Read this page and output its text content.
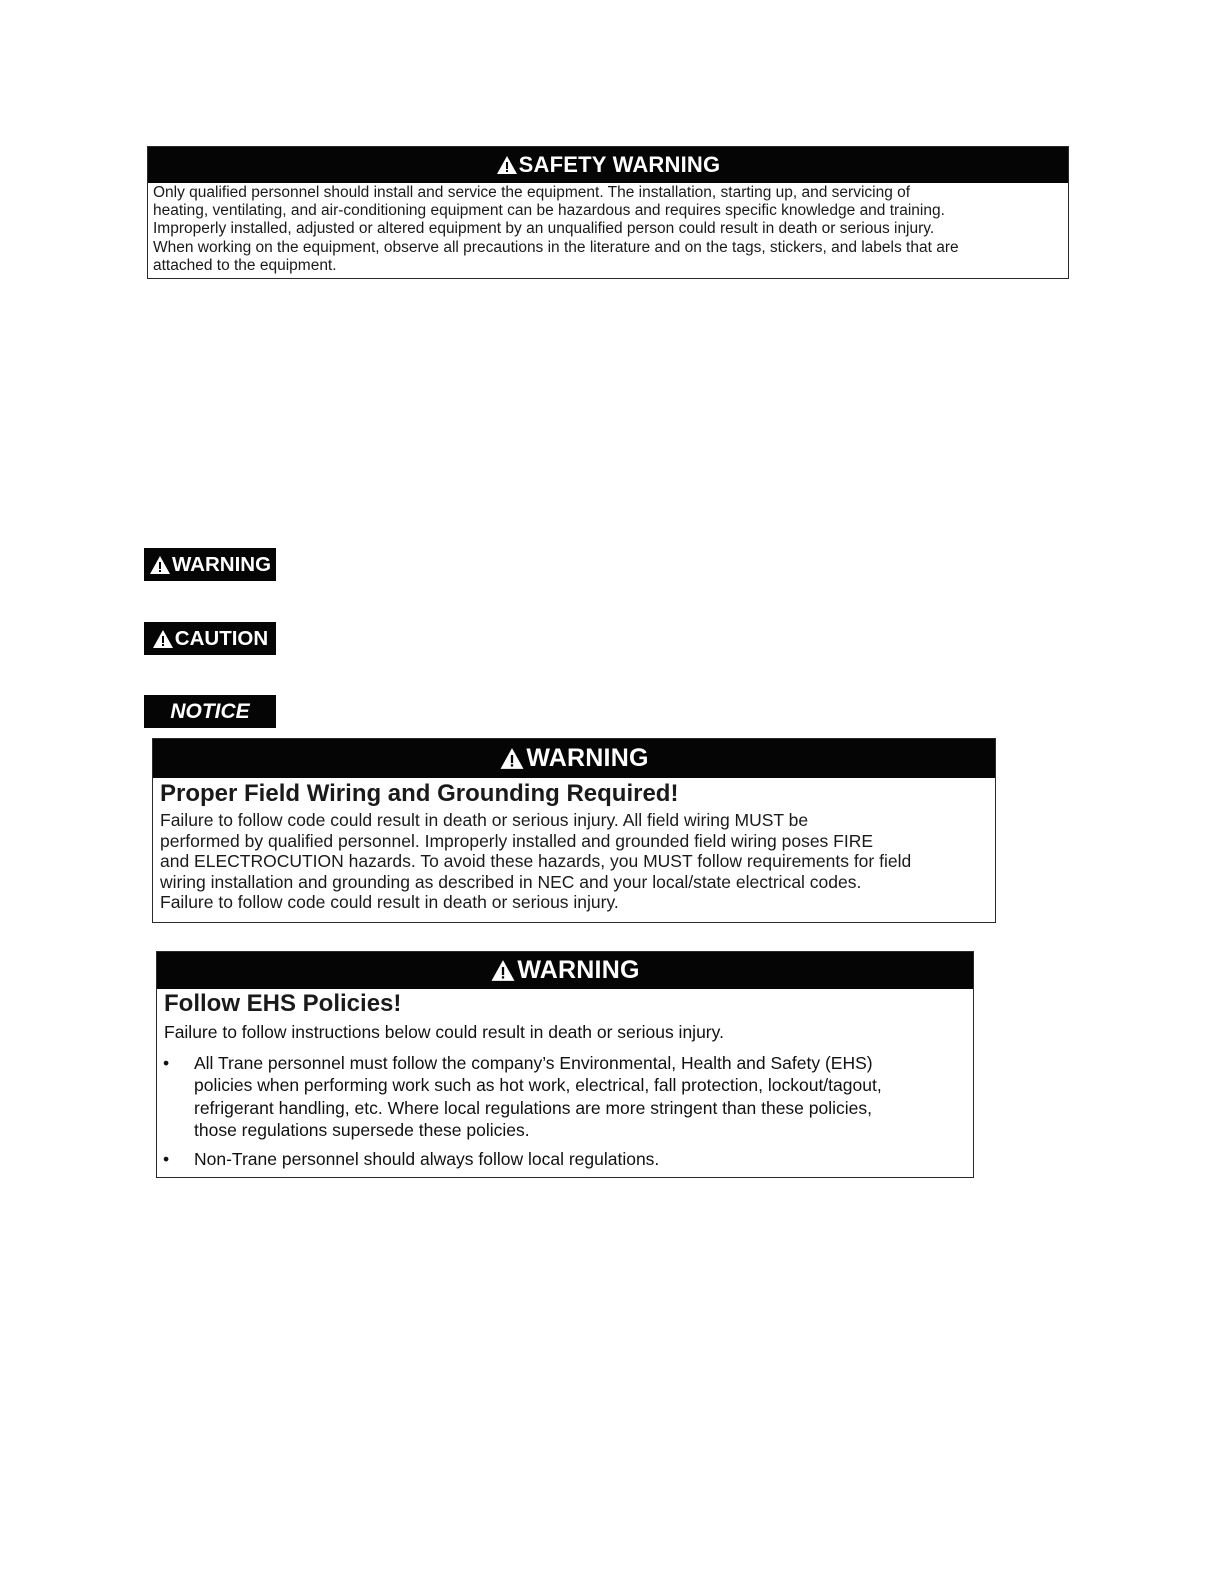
SAFETY WARNING
Only qualified personnel should install and service the equipment. The installation, starting up, and servicing of
heating, ventilating, and air-conditioning equipment can be hazardous and requires specific knowledge and training.
Improperly installed, adjusted or altered equipment by an unqualified person could result in death or serious injury.
When working on the equipment, observe all precautions in the literature and on the tags, stickers, and labels that are
attached to the equipment.
WARNING
CAUTION
NOTICE
WARNING
Proper Field Wiring and Grounding Required!
Failure to follow code could result in death or serious injury. All field wiring MUST be
performed by qualified personnel. Improperly installed and grounded field wiring poses FIRE
and ELECTROCUTION hazards. To avoid these hazards, you MUST follow requirements for field
wiring installation and grounding as described in NEC and your local/state electrical codes.
Failure to follow code could result in death or serious injury.
WARNING
Follow EHS Policies!
Failure to follow instructions below could result in death or serious injury.
• All Trane personnel must follow the company’s Environmental, Health and Safety (EHS)
policies when performing work such as hot work, electrical, fall protection, lockout/tagout,
refrigerant handling, etc. Where local regulations are more stringent than these policies,
those regulations supersede these policies.
• Non-Trane personnel should always follow local regulations.
